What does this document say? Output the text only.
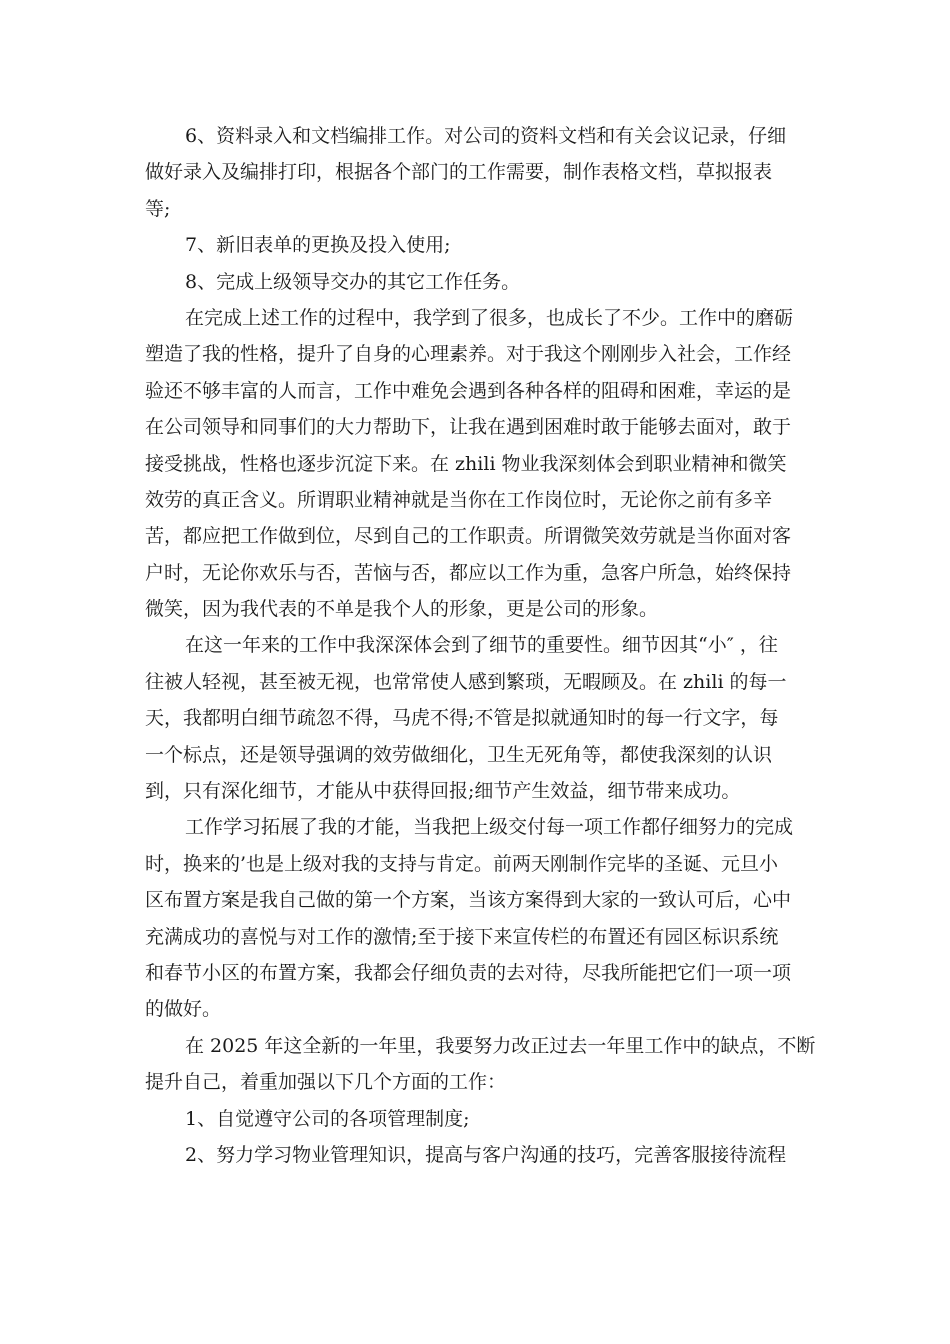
6、资料录入和文档编排工作。对公司的资料文档和有关会议记录，仔细
做好录入及编排打印，根据各个部门的工作需要，制作表格文档，草拟报表
等;
7、新旧表单的更换及投入使用;
8、完成上级领导交办的其它工作任务。
在完成上述工作的过程中，我学到了很多，也成长了不少。工作中的磨砺
塑造了我的性格，提升了自身的心理素养。对于我这个刚刚步入社会，工作经
验还不够丰富的人而言，工作中难免会遇到各种各样的阻碍和困难，幸运的是
在公司领导和同事们的大力帮助下，让我在遇到困难时敢于能够去面对，敢于
接受挑战，性格也逐步沉淀下来。在 zhili 物业我深刻体会到职业精神和微笑
效劳的真正含义。所谓职业精神就是当你在工作岗位时，无论你之前有多辛
苦，都应把工作做到位，尽到自己的工作职责。所谓微笑效劳就是当你面对客
户时，无论你欢乐与否，苦恼与否，都应以工作为重，急客户所急，始终保持
微笑，因为我代表的不单是我个人的形象，更是公司的形象。
在这一年来的工作中我深深体会到了细节的重要性。细节因其“小″ ，往
往被人轻视，甚至被无视，也常常使人感到繁琐，无暇顾及。在 zhili 的每一
天，我都明白细节疏忽不得，马虎不得;不管是拟就通知时的每一行文字，每
一个标点，还是领导强调的效劳做细化，卫生无死角等，都使我深刻的认识
到，只有深化细节，才能从中获得回报;细节产生效益，细节带来成功。
工作学习拓展了我的才能，当我把上级交付每一项工作都仔细努力的完成
时，换来的’也是上级对我的支持与肯定。前两天刚制作完毕的圣诞、元旦小
区布置方案是我自己做的第一个方案，当该方案得到大家的一致认可后，心中
充满成功的喜悦与对工作的激情;至于接下来宣传栏的布置还有园区标识系统
和春节小区的布置方案，我都会仔细负责的去对待，尽我所能把它们一项一项
的做好。
在 2025 年这全新的一年里，我要努力改正过去一年里工作中的缺点，不断
提升自己，着重加强以下几个方面的工作：
1、自觉遵守公司的各项管理制度;
2、努力学习物业管理知识，提高与客户沟通的技巧，完善客服接待流程
